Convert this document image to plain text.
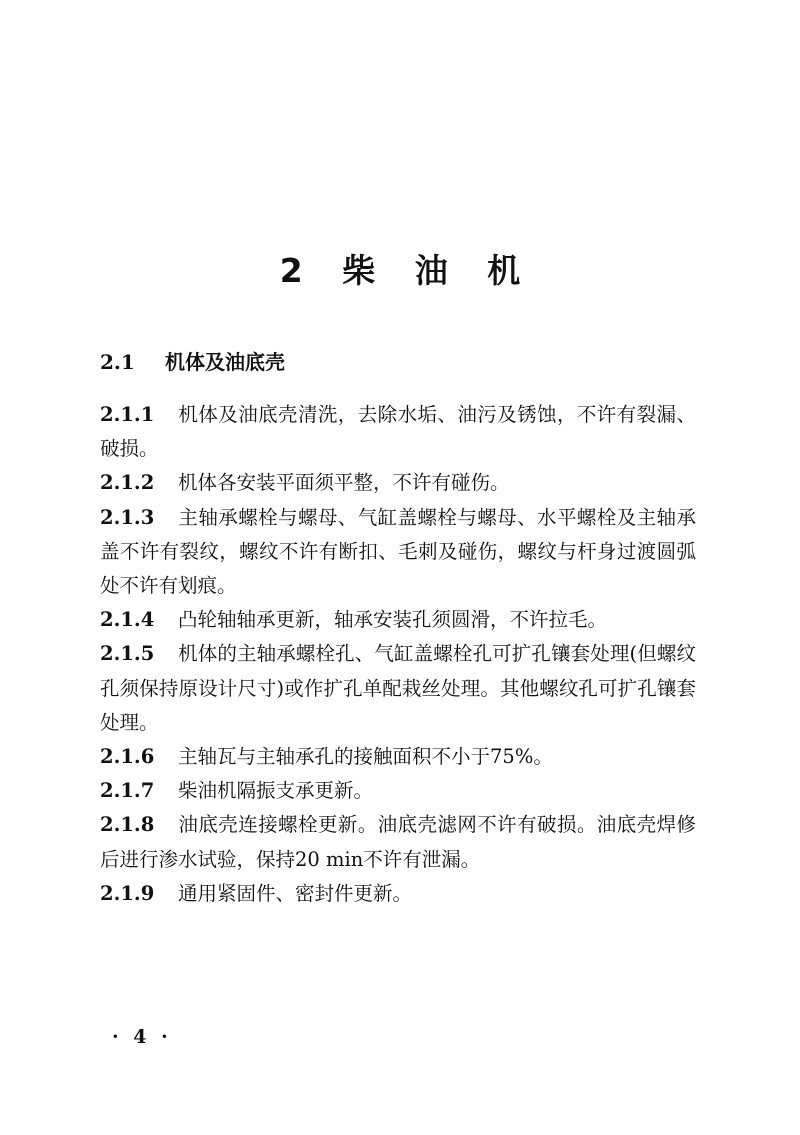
2 柴 油 机
2.1 机体及油底壳

2.1.1 机体及油底壳清洗，去除水垢、油污及锈蚀，不许有裂漏、破损。

2.1.2 机体各安装平面须平整，不许有碰伤。

2.1.3 主轴承螺栓与螺母、气缸盖螺栓与螺母、水平螺栓及主轴承盖不许有裂纹，螺纹不许有断扣、毛刺及碰伤，螺纹与杆身过渡圆弧处不许有划痕。

2.1.4 凸轮轴轴承更新，轴承安装孔须圆滑，不许拉毛。

2.1.5 机体的主轴承螺栓孔、气缸盖螺栓孔可扩孔镶套处理(但螺纹孔须保持原设计尺寸)或作扩孔单配栽丝处理。其他螺纹孔可扩孔镶套处理。

2.1.6 主轴瓦与主轴承孔的接触面积不小于75%。

2.1.7 柴油机隔振支承更新。

2.1.8 油底壳连接螺栓更新。油底壳滤网不许有破损。油底壳焊修后进行渗水试验，保持20 min不许有泄漏。

2.1.9 通用紧固件、密封件更新。

· 4 ·
